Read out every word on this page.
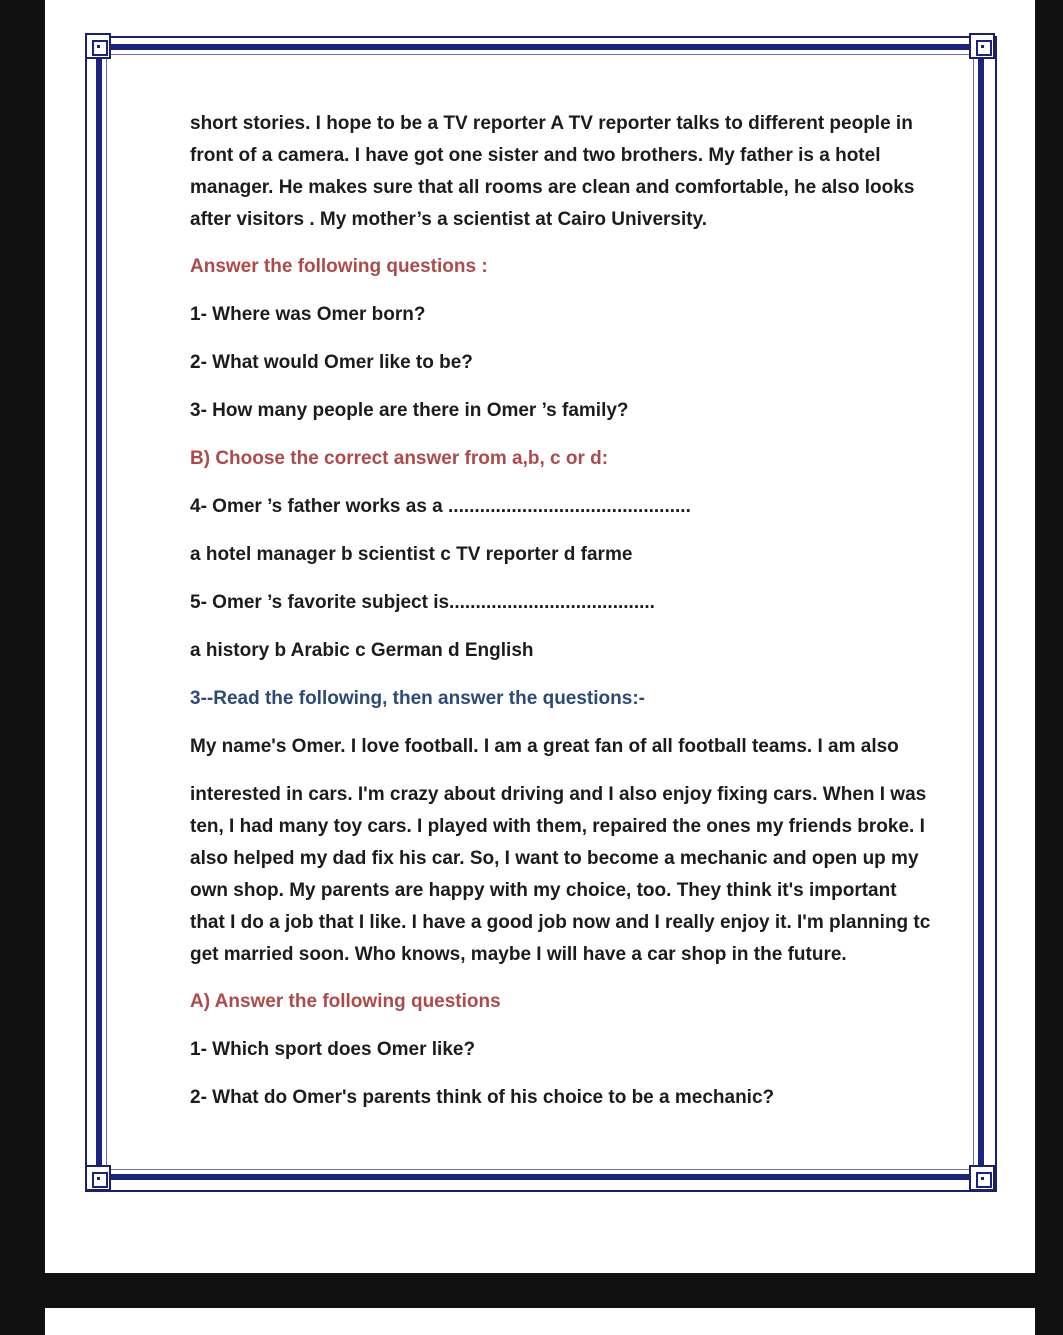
short stories. I hope to be a TV reporter A TV reporter talks to different people in
front of a camera. I have got one sister and two brothers. My father is a hotel
manager. He makes sure that all rooms are clean and comfortable, he also looks
after visitors . My mother’s a scientist at Cairo University.
Answer the following questions :
1- Where was Omer born?
2- What would Omer like to be?
3- How many people are there in Omer ’s family?
B) Choose the correct answer from a,b, c or d:
4- Omer ’s father works as a ..............................................
a hotel manager b scientist c TV reporter d farme
5- Omer ’s favorite subject is.......................................
a history b Arabic c German d English
3--Read the following, then answer the questions:-
My name's Omer. I love football. I am a great fan of all football teams. I am also
interested in cars. I'm crazy about driving and I also enjoy fixing cars. When I was
ten, I had many toy cars. I played with them, repaired the ones my friends broke. I
also helped my dad fix his car. So, I want to become a mechanic and open up my
own shop. My parents are happy with my choice, too. They think it's important
that I do a job that I like. I have a good job now and I really enjoy it. I'm planning tc
get married soon. Who knows, maybe I will have a car shop in the future.
A) Answer the following questions
1- Which sport does Omer like?
2- What do Omer's parents think of his choice to be a mechanic?
